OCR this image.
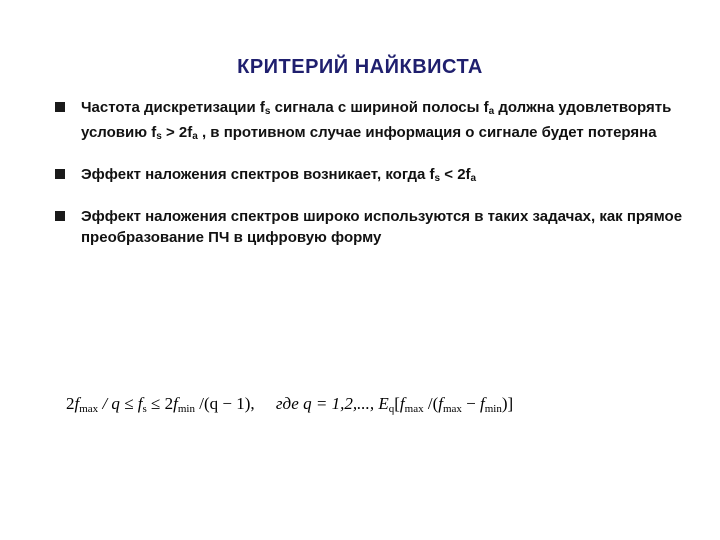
КРИТЕРИЙ НАЙКВИСТА
Частота дискретизации $f_s$ сигнала с шириной полосы $f_a$ должна удовлетворять условию $f_s > 2f_a$ , в противном случае информация о сигнале будет потеряна
Эффект наложения спектров возникает, когда $f_s < 2f_a$
Эффект наложения спектров широко используются в таких задачах, как прямое преобразование ПЧ в цифровую форму
$2f_{max} / q \le f_s \le 2f_{min}$ /(q − 1), где q = 1,2,..., $E_q[f_{max}$ $/(f_{max} - f_{min})$]
